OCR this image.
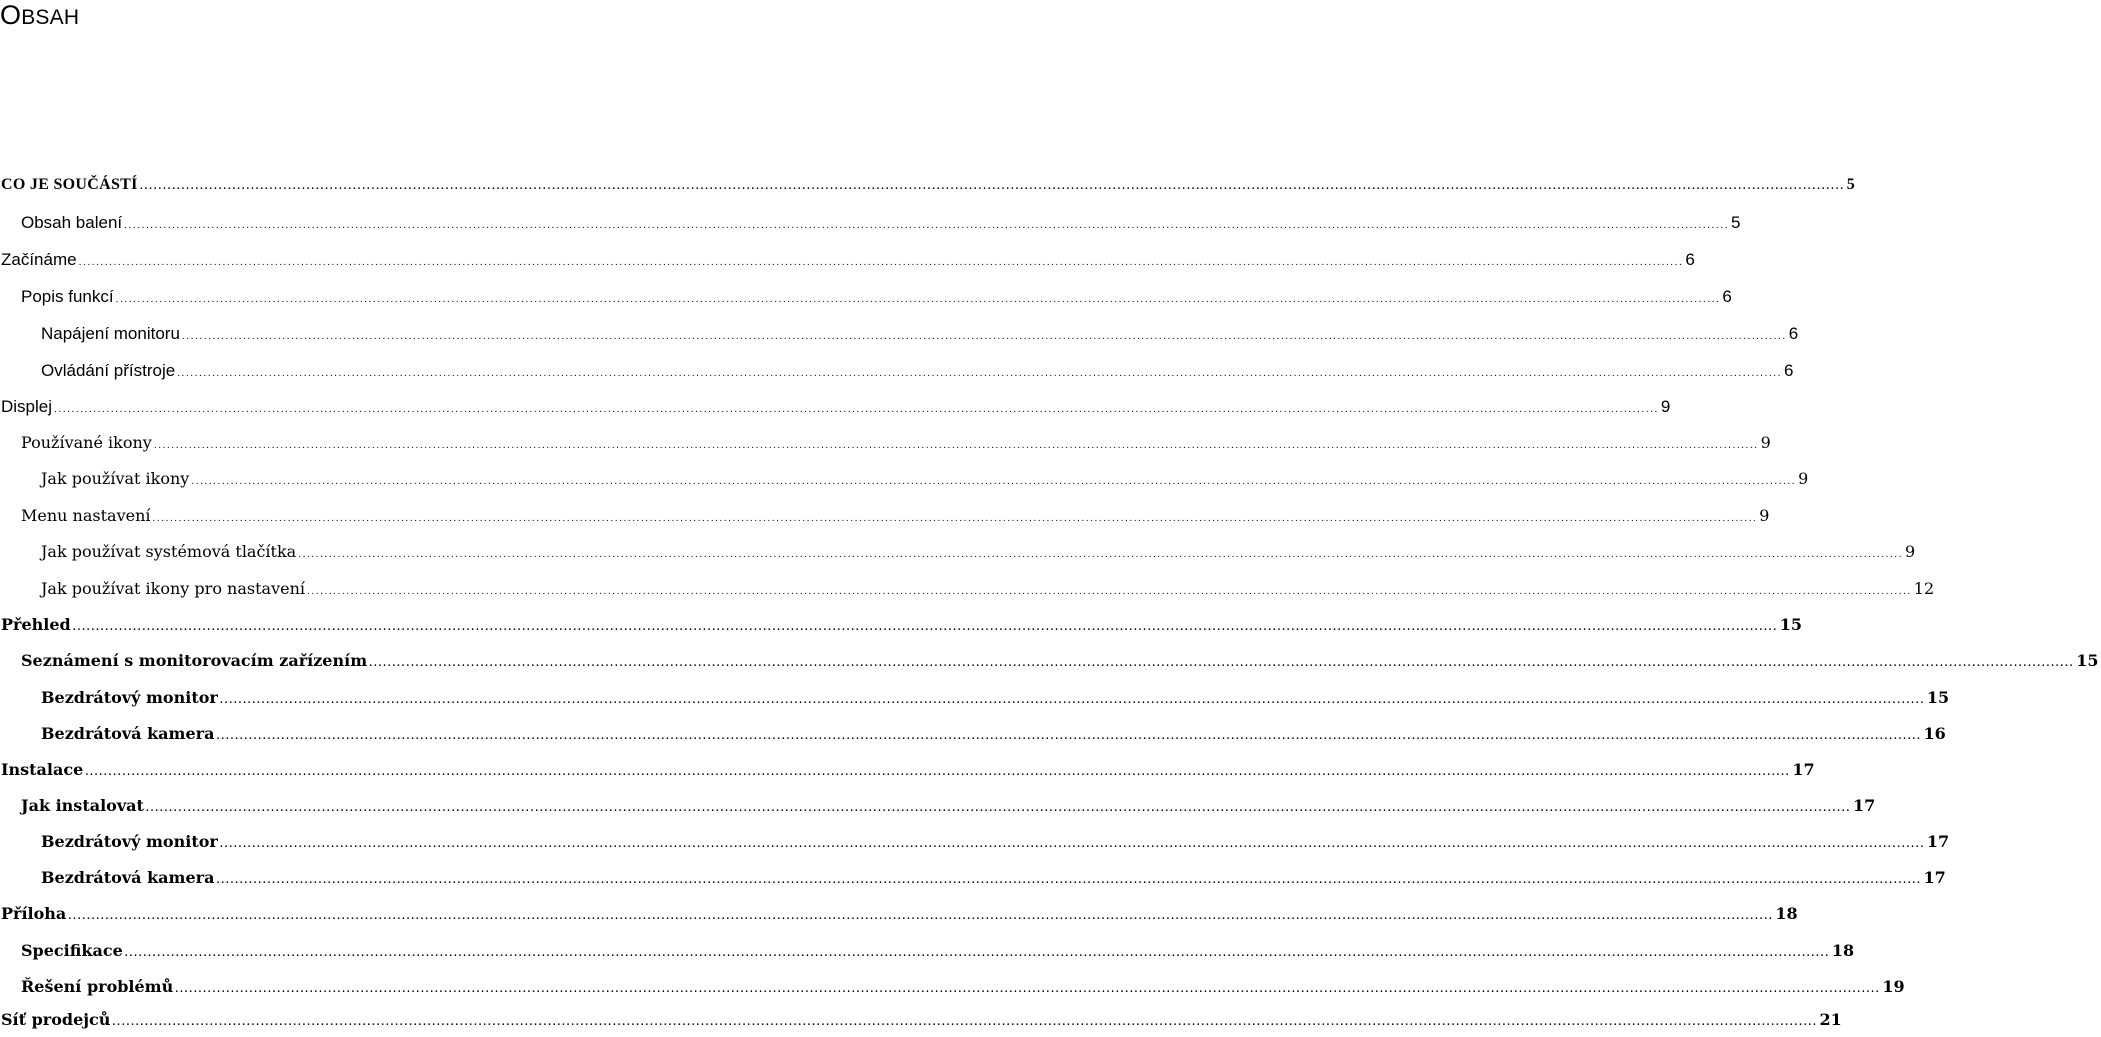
OBSAH
CO JE SOUČÁSTÍ .....	5
Obsah balení .....	5
Začínáme .....	6
Popis funkcí .....	6
Napájení monitoru .....	6
Ovládání přístroje .....	6
Displej .....	9
Používané ikony .....	9
Jak používat ikony .....	9
Menu nastavení .....	9
Jak používat systémová tlačítka .....	9
Jak používat ikony pro nastavení .....	12
Přehled .....	15
Seznámení s monitorovacím zařízením .....	15
Bezdrátový monitor .....	15
Bezdrátová kamera .....	16
Instalace .....	17
Jak instalovat .....	17
Bezdrátový monitor .....	17
Bezdrátová kamera .....	17
Příloha .....	18
Specifikace .....	18
Řešení problémů .....	19
Síť prodejců .....	21
